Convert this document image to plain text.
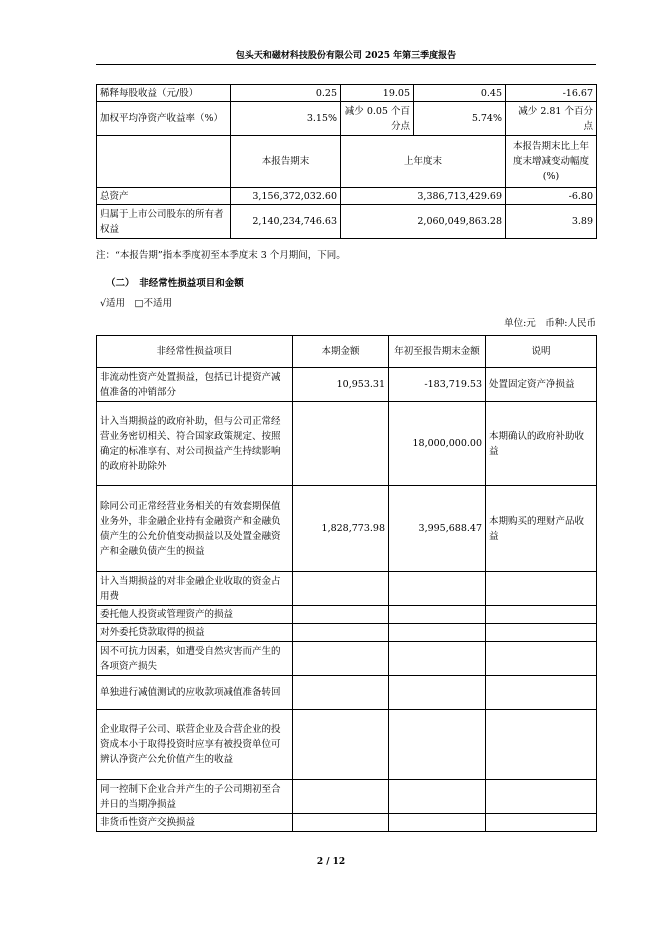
包头天和磁材科技股份有限公司 2025 年第三季度报告
稀释每股收益（元/股）	0.25	19.05	0.45	-16.67
加权平均净资产收益率（%）	3.15%	减少 0.05 个百分点	5.74%	减少 2.81 个百分点
	本报告期末	上年度末		本报告期末比上年度末增减变动幅度(%)
总资产	3,156,372,032.60	3,386,713,429.69		-6.80
归属于上市公司股东的所有者权益	2,140,234,746.63	2,060,049,863.28		3.89
注：“本报告期”指本季度初至本季度末 3 个月期间，下同。
（二）　非经常性损益项目和金额
√适用　□不适用
单位:元　币种:人民币
非经常性损益项目	本期金额	年初至报告期末金额	说明
非流动性资产处置损益，包括已计提资产减值准备的冲销部分	10,953.31	-183,719.53	处置固定资产净损益
计入当期损益的政府补助，但与公司正常经营业务密切相关、符合国家政策规定、按照确定的标准享有、对公司损益产生持续影响的政府补助除外		18,000,000.00	本期确认的政府补助收益
除同公司正常经营业务相关的有效套期保值业务外，非金融企业持有金融资产和金融负债产生的公允价值变动损益以及处置金融资产和金融负债产生的损益	1,828,773.98	3,995,688.47	本期购买的理财产品收益
计入当期损益的对非金融企业收取的资金占用费			
委托他人投资或管理资产的损益			
对外委托贷款取得的损益			
因不可抗力因素，如遭受自然灾害而产生的各项资产损失			
单独进行减值测试的应收款项减值准备转回			
企业取得子公司、联营企业及合营企业的投资成本小于取得投资时应享有被投资单位可辨认净资产公允价值产生的收益			
同一控制下企业合并产生的子公司期初至合并日的当期净损益			
非货币性资产交换损益			
2 / 12
